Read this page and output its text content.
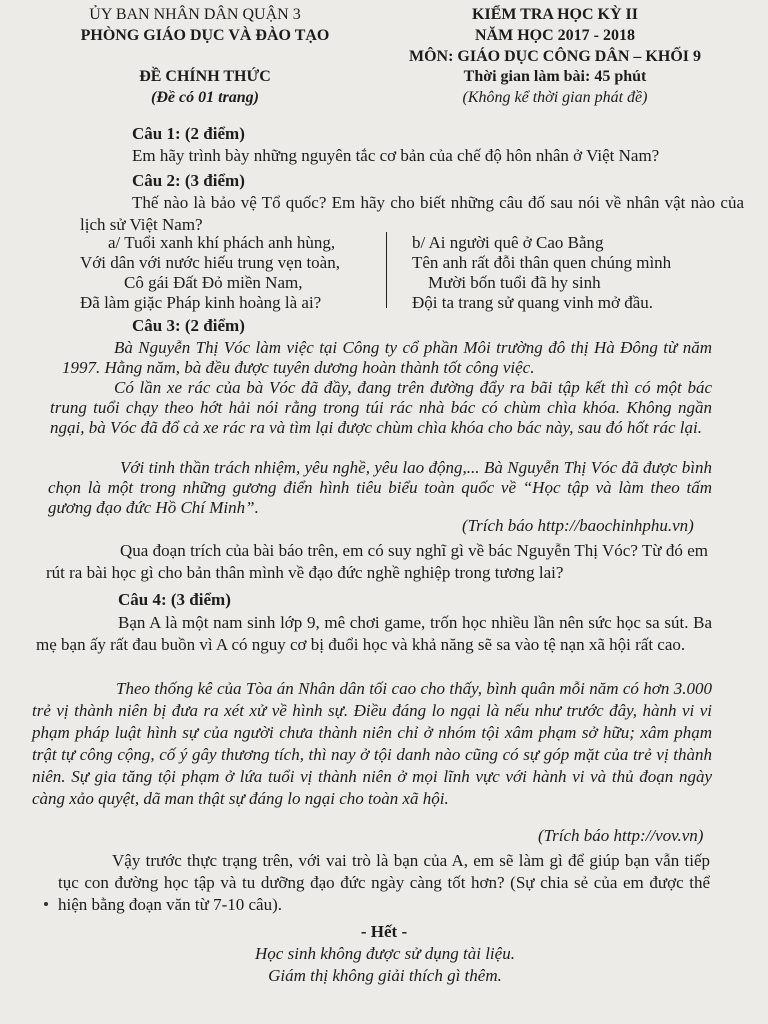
ỦY BAN NHÂN DÂN QUẬN 3
PHÒNG GIÁO DỤC VÀ ĐÀO TẠO
ĐỀ CHÍNH THỨC
(Đề có 01 trang)
KIỂM TRA HỌC KỲ II
NĂM HỌC 2017 - 2018
MÔN: GIÁO DỤC CÔNG DÂN – KHỐI 9
Thời gian làm bài: 45 phút
(Không kể thời gian phát đề)
Câu 1: (2 điểm)
Em hãy trình bày những nguyên tắc cơ bản của chế độ hôn nhân ở Việt Nam?
Câu 2: (3 điểm)
Thế nào là bảo vệ Tổ quốc? Em hãy cho biết những câu đố sau nói về nhân vật nào của lịch sử Việt Nam?
a/ Tuổi xanh khí phách anh hùng,
Với dân với nước hiếu trung vẹn toàn,
Cô gái Đất Đỏ miền Nam,
Đã làm giặc Pháp kinh hoàng là ai?
b/ Ai người quê ở Cao Bằng
Tên anh rất đỗi thân quen chúng mình
Mười bốn tuổi đã hy sinh
Đội ta trang sử quang vinh mở đầu.
Câu 3: (2 điểm)
Bà Nguyễn Thị Vóc làm việc tại Công ty cổ phần Môi trường đô thị Hà Đông từ năm 1997. Hằng năm, bà đều được tuyên dương hoàn thành tốt công việc.
Có lần xe rác của bà Vóc đã đầy, đang trên đường đẩy ra bãi tập kết thì có một bác trung tuổi chạy theo hớt hải nói rằng trong túi rác nhà bác có chùm chìa khóa. Không ngần ngại, bà Vóc đã đổ cả xe rác ra và tìm lại được chùm chìa khóa cho bác này, sau đó hốt rác lại.
Với tinh thần trách nhiệm, yêu nghề, yêu lao động,... Bà Nguyễn Thị Vóc đã được bình chọn là một trong những gương điển hình tiêu biểu toàn quốc về “Học tập và làm theo tấm gương đạo đức Hồ Chí Minh”.
(Trích báo http://baochinhphu.vn)
Qua đoạn trích của bài báo trên, em có suy nghĩ gì về bác Nguyễn Thị Vóc? Từ đó em rút ra bài học gì cho bản thân mình về đạo đức nghề nghiệp trong tương lai?
Câu 4: (3 điểm)
Bạn A là một nam sinh lớp 9, mê chơi game, trốn học nhiều lần nên sức học sa sút. Ba mẹ bạn ấy rất đau buồn vì A có nguy cơ bị đuổi học và khả năng sẽ sa vào tệ nạn xã hội rất cao.
Theo thống kê của Tòa án Nhân dân tối cao cho thấy, bình quân mỗi năm có hơn 3.000 trẻ vị thành niên bị đưa ra xét xử về hình sự. Điều đáng lo ngại là nếu như trước đây, hành vi vi phạm pháp luật hình sự của người chưa thành niên chỉ ở nhóm tội xâm phạm sở hữu; xâm phạm trật tự công cộng, cố ý gây thương tích, thì nay ở tội danh nào cũng có sự góp mặt của trẻ vị thành niên. Sự gia tăng tội phạm ở lứa tuổi vị thành niên ở mọi lĩnh vực với hành vi và thủ đoạn ngày càng xảo quyệt, dã man thật sự đáng lo ngại cho toàn xã hội.
(Trích báo http://vov.vn)
Vậy trước thực trạng trên, với vai trò là bạn của A, em sẽ làm gì để giúp bạn vẫn tiếp tục con đường học tập và tu dưỡng đạo đức ngày càng tốt hơn? (Sự chia sẻ của em được thể hiện bằng đoạn văn từ 7-10 câu).
- Hết -
Học sinh không được sử dụng tài liệu.
Giám thị không giải thích gì thêm.
